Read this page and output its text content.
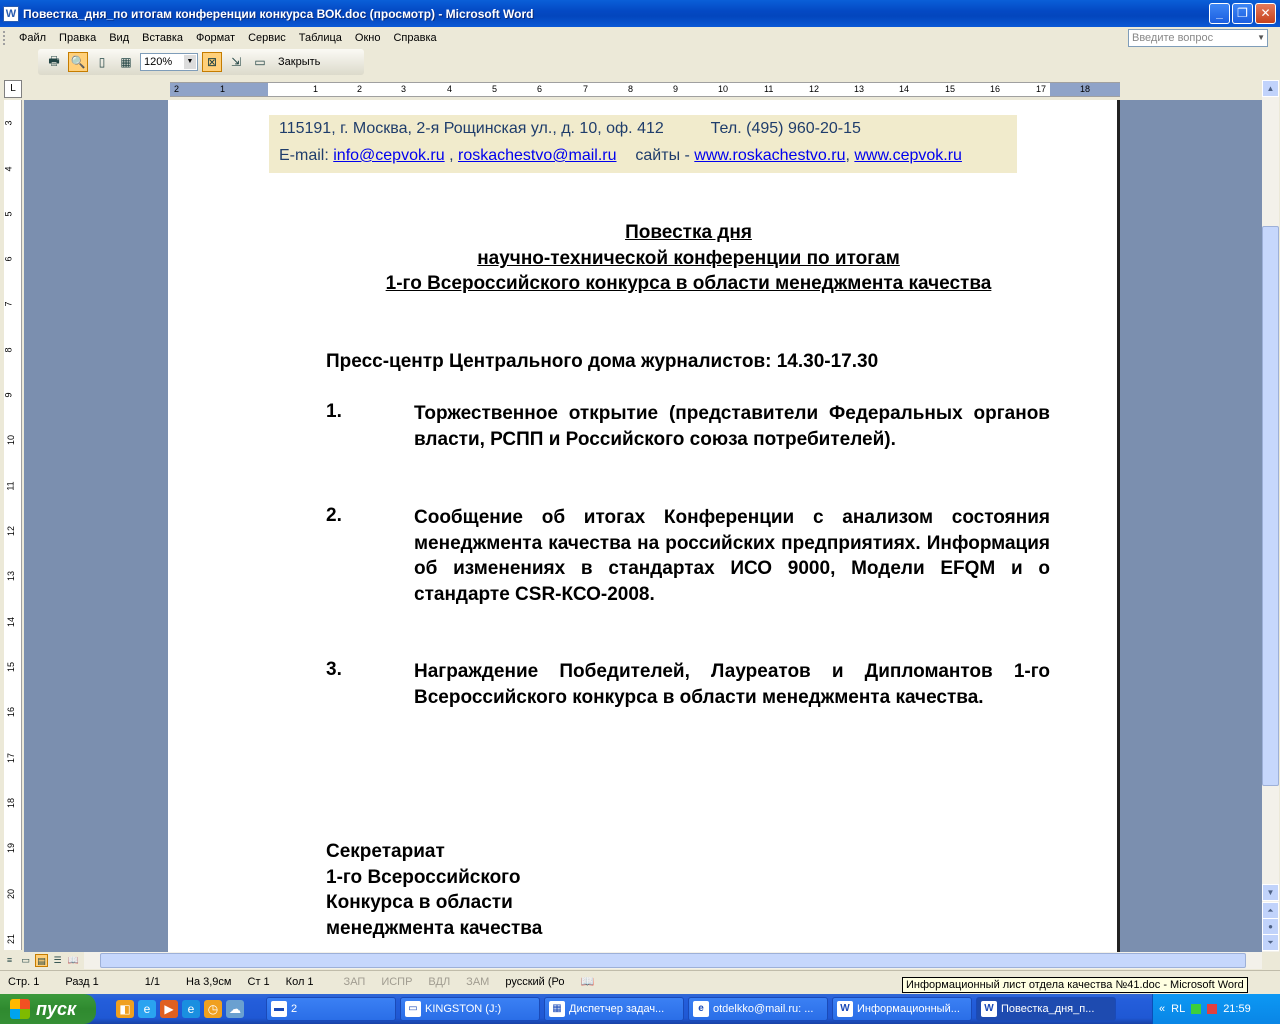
W Повестка_дня_по итогам конференции конкурса ВОК.doc (просмотр) - Microsoft Word	_	❐	✕
Файл	Правка	Вид	Вставка	Формат	Сервис	Таблица	Окно	Справка	Введите вопрос	▼
🖶 🔍	▯	▦	120%	▼	⊠	⇲	▭	Закрыть
L	2	1	1	2	3	4	5	6	7	8	9	10	11	12	13	14	15	16	17	18
3
4
5
6
7
8
9
10
11
12
13
14
15
16
17
18
19
20
21
115191, г. Москва, 2-я Рощинская ул., д. 10, оф. 412	Тел. (495) 960-20-15
E-mail: info@cepvok.ru , roskachestvo@mail.ru сайты - www.roskachestvo.ru, www.cepvok.ru
Повестка дня
научно-технической конференции по итогам
1-го Всероссийского конкурса в области менеджмента качества
Пресс-центр Центрального дома журналистов: 14.30-17.30
1.	Торжественное открытие (представители Федеральных органов власти, РСПП и Российского союза потребителей).
2.	Сообщение об итогах Конференции с анализом состояния менеджмента качества на российских предприятиях. Информация об изменениях в стандартах ИСО 9000, Модели EFQM и о стандарте CSR-КСО-2008.
3.	Награждение Победителей, Лауреатов и Дипломантов 1-го Всероссийского конкурса в области менеджмента качества.
Секретариат
1-го Всероссийского
Конкурса в области
менеджмента качества
▲
▼
⏶
●
⏷
≡	▭ ▤ ☰ 📖
Стр. 1	Разд 1	1/1	На 3,9см	Ст 1	Кол 1	ЗАП	ИСПР	ВДЛ	ЗАМ	русский (Ро	📖	Информационный лист отдела качества №41.doc - Microsoft Word
пуск	◧	e	▶	e	◷ ☁	▬ 2	▭ KINGSTON (J:)	▦ Диспетчер задач...	e otdelkko@mail.ru: ...	W Информационный...	W Повестка_дня_п...	« RL	21:59
